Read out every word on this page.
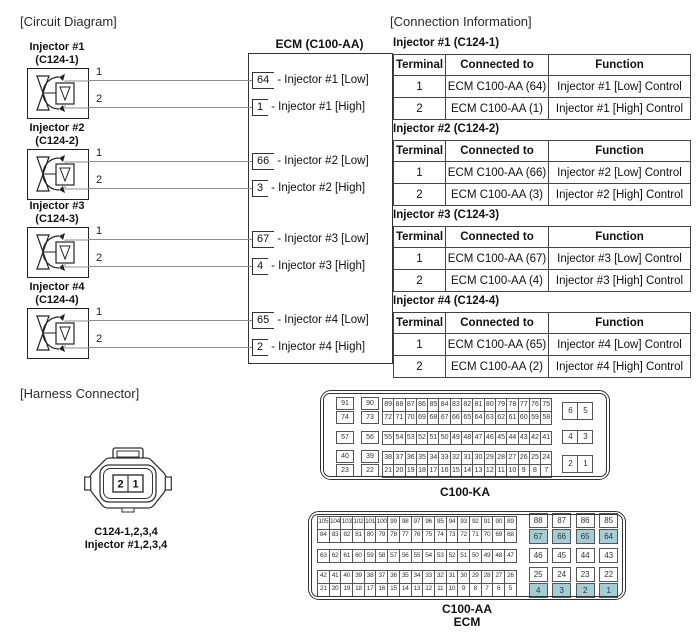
[Circuit Diagram]	[Connection Information]
[Harness Connector]
ECM (C100-AA)
Injector #1
(C124-1)
1
2
Injector #2
(C124-2)
1
2
Injector #3
(C124-3)
1
2
Injector #4
(C124-4)
1
2
64 - Injector #1 [Low]
1 - Injector #1 [High]
66 - Injector #2 [Low]
3 - Injector #2 [High]
67 - Injector #3 [Low]
4 - Injector #3 [High]
65 - Injector #4 [Low]
2 - Injector #4 [High]
Injector #1 (C124-1)
Terminal	Connected to	Function
1	ECM C100-AA (64)	Injector #1 [Low] Control
2	ECM C100-AA (1)	Injector #1 [High] Control
Injector #2 (C124-2)
Terminal	Connected to	Function
1	ECM C100-AA (66)	Injector #2 [Low] Control
2	ECM C100-AA (3)	Injector #2 [High] Control
Injector #3 (C124-3)
Terminal	Connected to	Function
1	ECM C100-AA (67)	Injector #3 [Low] Control
2	ECM C100-AA (4)	Injector #3 [High] Control
Injector #4 (C124-4)
Terminal	Connected to	Function
1	ECM C100-AA (65)	Injector #4 [Low] Control
2	ECM C100-AA (2)	Injector #4 [High] Control
2 1
C124-1,2,3,4
Injector #1,2,3,4
91
74
90
73
89 88 87 86 85 84 83 82 81 80 79 78 77 76 75
72 71 70 69 68 67 66 65 64 63 62 61 60 59 58
6	5
57	56	55 54 53 52 51 50 49 48 47 46 45 44 43 42 41	4	3
40
23
39
22
38 37 36 35 34 33 32 31 30 29 28 27 26 25 24
21 20 19 18 17 16 15 14 13 12 11 10 9	8	7
2	1
C100-KA
105 104 103 102 101 100 99 98 97 96 95 94 93 92 91 90 89
84 83 82 81 80 79 78 77 76 75 74 73 72 71 70 69 68
88	87	86	85
67	66	65	64
63 62 61 60 59 58 57 56 55 54 53 52 51 50 49 48 47	46	45	44	43
42 41 40 39 38 37 36 35 34 33 32 31 30 29 28 27 26
21 20 19 18 17 16 15 14 13 12 11 10	9	8	7	6	5
25	24	23	22
4	3	2	1
C100-AA
ECM
